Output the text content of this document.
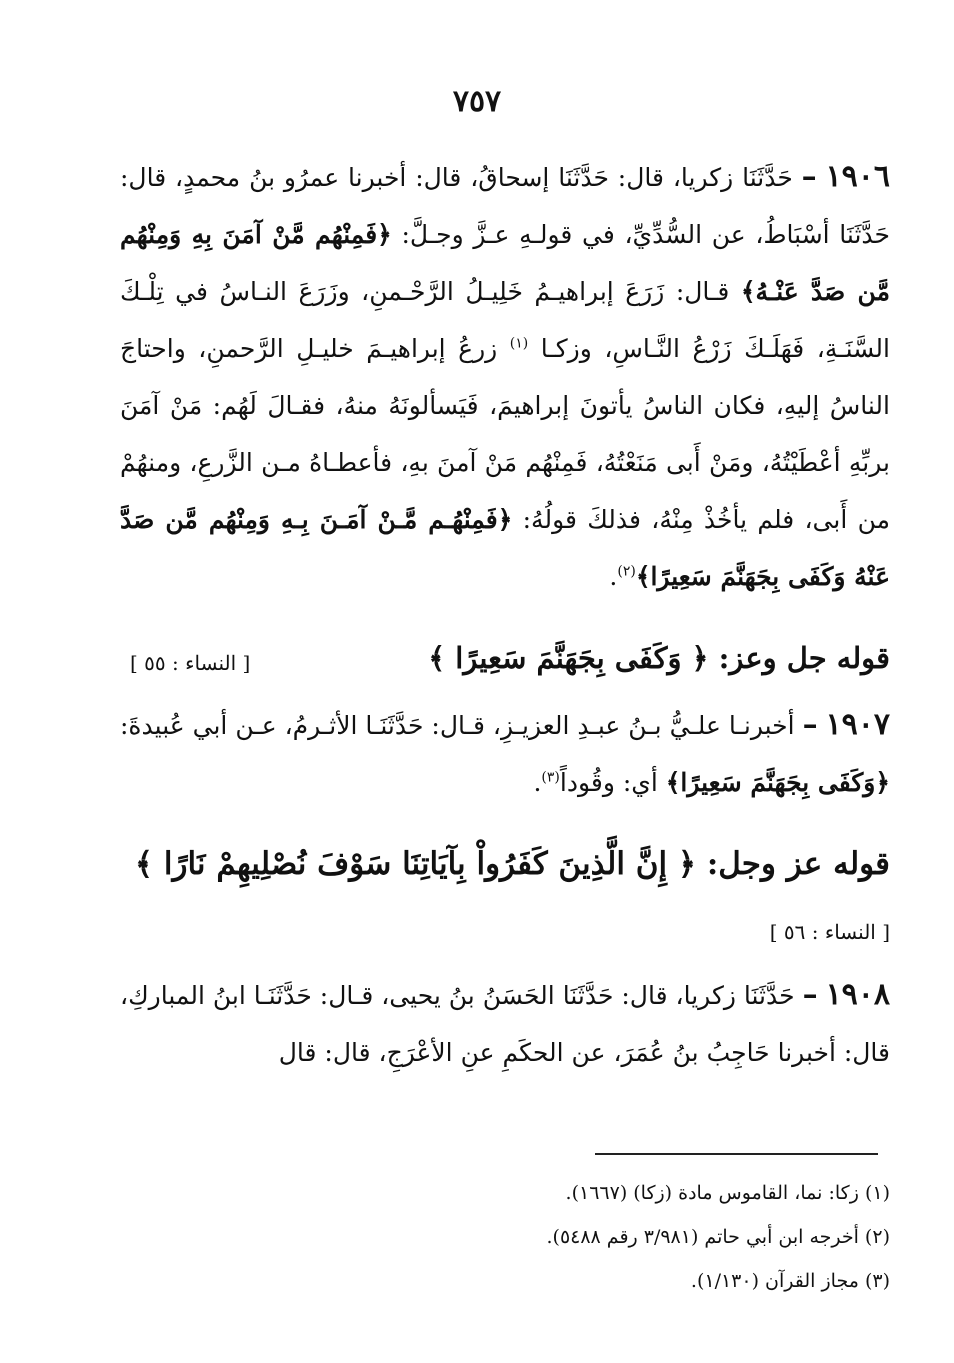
٧٥٧
١٩٠٦ – حَدَّثَنَا زكريا، قال: حَدَّثَنَا إسحاقُ، قال: أخبرنا عمرُو بنُ محمدٍ، قال: حَدَّثَنَا أسْبَاطُ، عن السُّدِّيِّ، في قولـهِ عـزَّ وجـلَّ: ﴿فَمِنْهُم مَّنْ آمَنَ بِهِ وَمِنْهُم مَّن صَدَّ عَنْـهُ﴾ قـال: زَرَعَ إبراهيـمُ خَلِيـلُ الرَّحْـمنِ، وزَرَعَ النـاسُ في تِلْـكَ السَّنَـةِ، فَهَلَـكَ زَرْعُ النَّـاسِ، وزكـا $^{(١)}$ زرعُ إبراهيـمَ خليـلِ الرَّحمنِ، واحتاجَ الناسُ إليهِ، فكان الناسُ يأتونَ إبراهيمَ، فَيَسألونَهُ منهُ، فقـالَ لَهُم: مَنْ آمَنَ بربِّهِ أعْطَيْتُهُ، ومَنْ أَبى مَنَعْتُهُ، فَمِنْهُم مَنْ آمنَ بهِ، فأعطـاهُ مـن الزَّرعِ، ومنهُمْ من أَبى، فلم يأخُذْ مِنْهُ، فذلكَ قولُهُ: ﴿فَمِنْهُـم مَّـنْ آمَـنَ بِـهِ وَمِنْهُم مَّن صَدَّ عَنْهُ وَكَفَى بِجَهَنَّمَ سَعِيرًا﴾$^{(٢)}$.
قوله جل وعز: ﴿ وَكَفَى بِجَهَنَّمَ سَعِيرًا ﴾
[ النساء : ٥٥ ]
١٩٠٧ – أخبرنـا علـيُّ بـنُ عبـدِ العزيـزِ، قـال: حَدَّثَنَـا الأثـرمُ، عـن أبي عُبيدةَ: ﴿وَكَفَى بِجَهَنَّمَ سَعِيرًا﴾ أي: وقُوداً$^{(٣)}$.
قوله عز وجل: ﴿ إِنَّ الَّذِينَ كَفَرُواْ بِآيَاتِنَا سَوْفَ نُصْلِيهِمْ نَارًا ﴾
[ النساء : ٥٦ ]
١٩٠٨ – حَدَّثَنَا زكريا، قال: حَدَّثَنَا الحَسَنُ بنُ يحيى، قـال: حَدَّثَنَـا ابنُ المباركِ، قال: أخبرنا حَاجِبُ بنُ عُمَرَ، عن الحكَمِ عنِ الأعْرَجِ، قال: قال
(١) زكا: نما، القاموس مادة (زكا) (١٦٦٧).
(٢) أخرجه ابن أبي حاتم (٣/٩٨١ رقم ٥٤٨٨).
(٣) مجاز القرآن (١/١٣٠).
